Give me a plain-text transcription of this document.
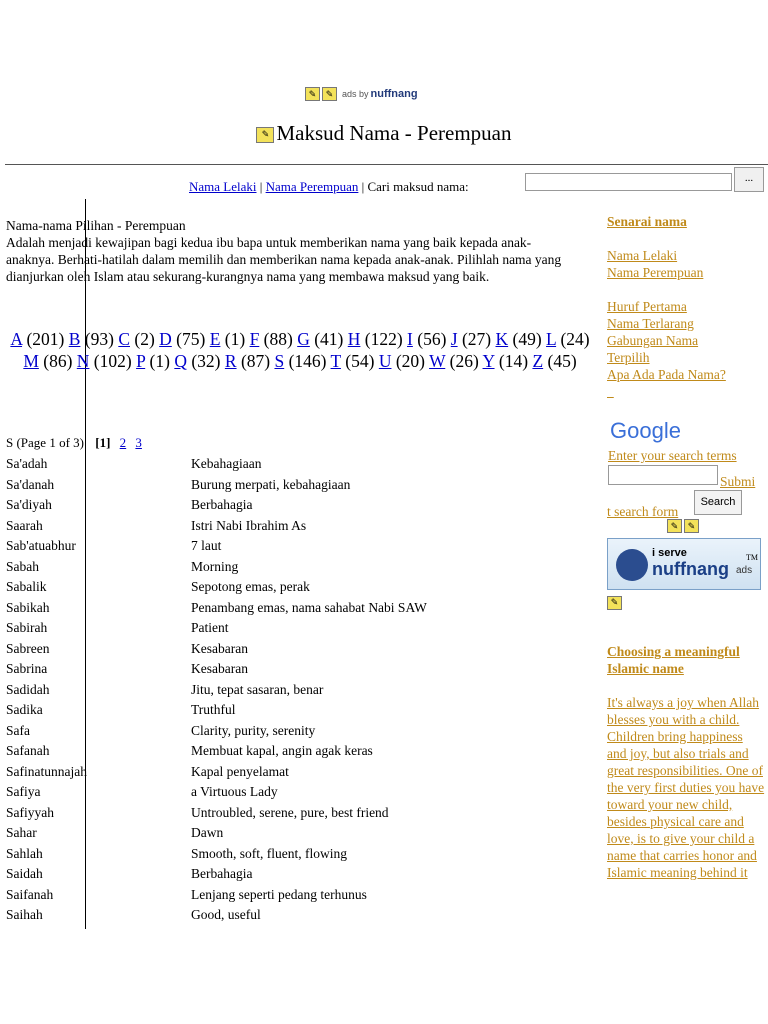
✎	✎ ads by nuffnang
✎ Maksud Nama - Perempuan
Nama Lelaki | Nama Perempuan | Cari maksud nama:
...
Nama-nama Pilihan - Perempuan
Adalah menjadi kewajipan bagi kedua ibu bapa untuk memberikan nama yang baik kepada anak-anaknya. Berhati-hatilah dalam memilih dan memberikan nama kepada anak-anak. Pilihlah nama yang dianjurkan oleh Islam atau sekurang-kurangnya nama yang membawa maksud yang baik.
A (201) B (93) C (2) D (75) E (1) F (88) G (41) H (122) I (56) J (27) K (49) L (24) M (86) N (102) P (1) Q (32) R (87) S (146) T (54) U (20) W (26) Y (14) Z (45)
S (Page 1 of 3) [1] 2 3
Sa'adah	Kebahagiaan
Sa'danah	Burung merpati, kebahagiaan
Sa'diyah	Berbahagia
Saarah	Istri Nabi Ibrahim As
Sab'atuabhur	7 laut
Sabah	Morning
Sabalik	Sepotong emas, perak
Sabikah	Penambang emas, nama sahabat Nabi SAW
Sabirah	Patient
Sabreen	Kesabaran
Sabrina	Kesabaran
Sadidah	Jitu, tepat sasaran, benar
Sadika	Truthful
Safa	Clarity, purity, serenity
Safanah	Membuat kapal, angin agak keras
Safinatunnajah	Kapal penyelamat
Safiya	a Virtuous Lady
Safiyyah	Untroubled, serene, pure, best friend
Sahar	Dawn
Sahlah	Smooth, soft, fluent, flowing
Saidah	Berbahagia
Saifanah	Lenjang seperti pedang terhunus
Saihah	Good, useful
Senarai nama
Nama Lelaki
Nama Perempuan
Huruf Pertama
Nama Terlarang
Gabungan Nama
Terpilih
Apa Ada Pada Nama?

Google
Enter your search terms
Submi
Search
t search form
✎	✎
i serve
nuffnang
TM
ads
✎
Choosing a meaningful Islamic name
It's always a joy when Allah blesses you with a child. Children bring happiness and joy, but also trials and great responsibilities. One of the very first duties you have toward your new child, besides physical care and love, is to give your child a name that carries honor and Islamic meaning behind it
